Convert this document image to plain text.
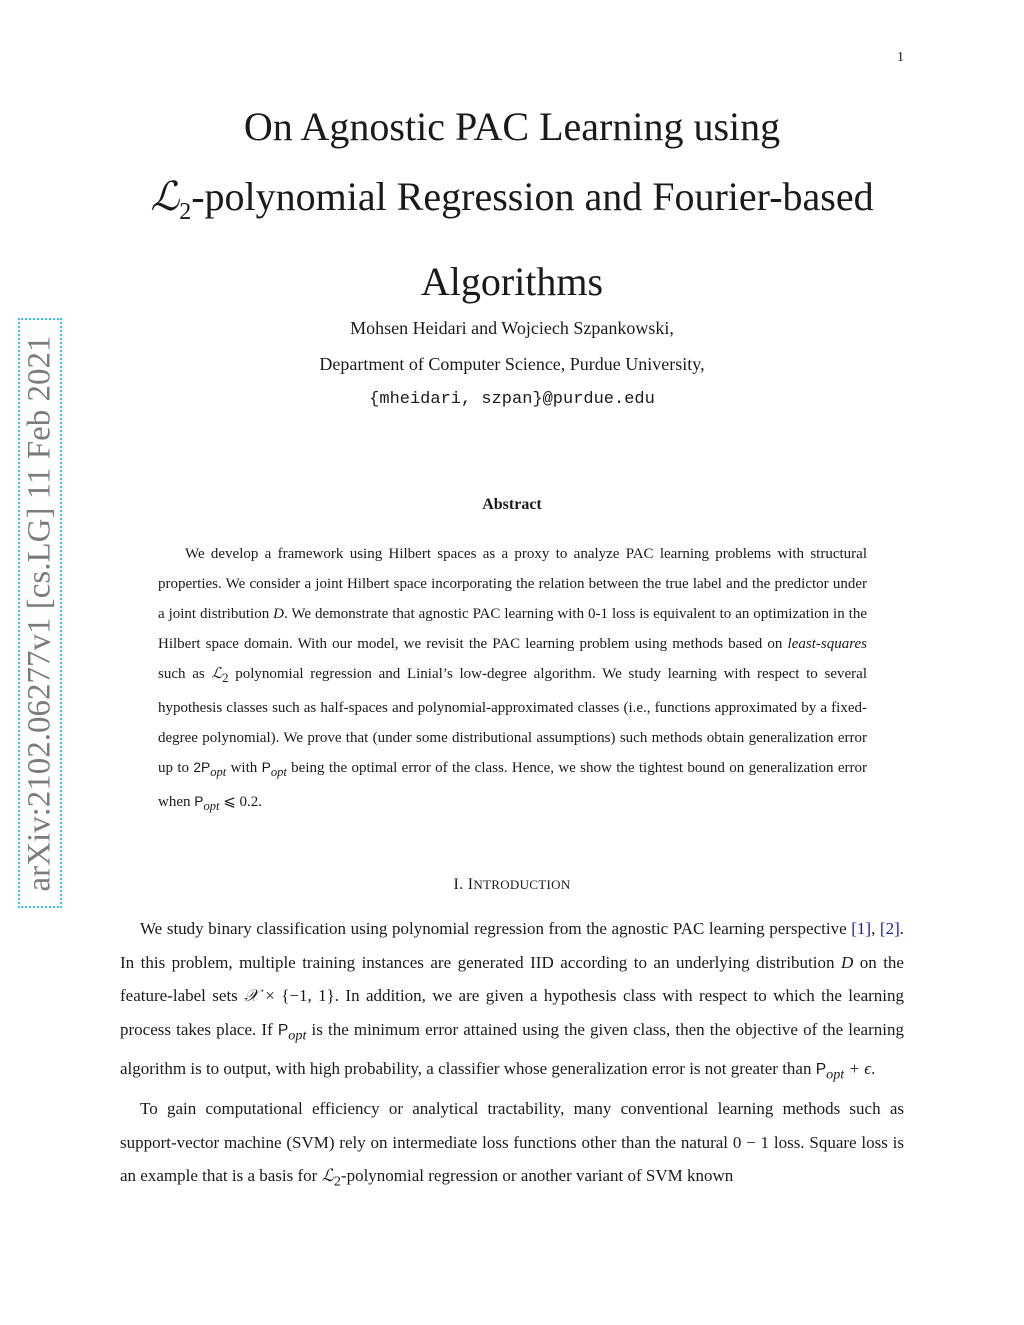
1
On Agnostic PAC Learning using
ℒ$_2$-polynomial Regression and Fourier-based
Algorithms
Mohsen Heidari and Wojciech Szpankowski,
Department of Computer Science, Purdue University,
{mheidari, szpan}@purdue.edu
Abstract

We develop a framework using Hilbert spaces as a proxy to analyze PAC learning problems with structural properties. We consider a joint Hilbert space incorporating the relation between the true label and the predictor under a joint distribution D. We demonstrate that agnostic PAC learning with 0-1 loss is equivalent to an optimization in the Hilbert space domain. With our model, we revisit the PAC learning problem using methods based on least-squares such as ℒ$_2$ polynomial regression and Linial’s low-degree algorithm. We study learning with respect to several hypothesis classes such as half-spaces and polynomial-approximated classes (i.e., functions approximated by a fixed-degree polynomial). We prove that (under some distributional assumptions) such methods obtain generalization error up to $2P_{opt}$ with $P_{opt}$ being the optimal error of the class. Hence, we show the tightest bound on generalization error when $P_{opt}$ ⩽ 0.2.

I. INTRODUCTION

We study binary classification using polynomial regression from the agnostic PAC learning perspective [1], [2]. In this problem, multiple training instances are generated IID according to an underlying distribution D on the feature-label sets 𝒳 × {−1, 1}. In addition, we are given a hypothesis class with respect to which the learning process takes place. If $P_{opt}$ is the minimum error attained using the given class, then the objective of the learning algorithm is to output, with high probability, a classifier whose generalization error is not greater than $P_{opt} + \epsilon$.

To gain computational efficiency or analytical tractability, many conventional learning methods such as support-vector machine (SVM) rely on intermediate loss functions other than the natural 0 − 1 loss. Square loss is an example that is a basis for ℒ$_2$-polynomial regression or another variant of SVM known

arXiv:2102.06277v1 [cs.LG] 11 Feb 2021
